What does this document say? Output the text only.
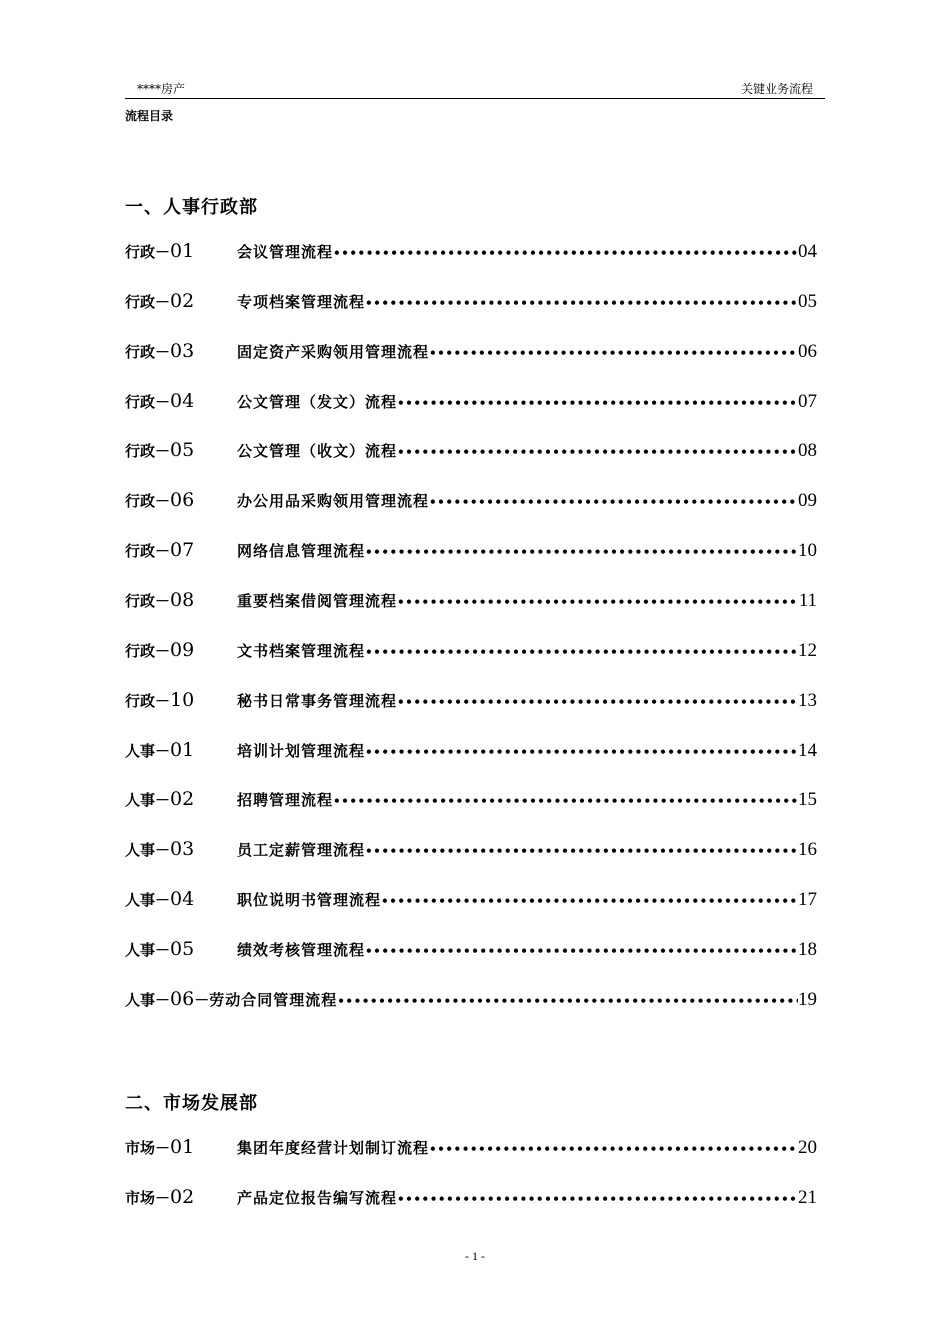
****房产	关键业务流程
流程目录
一、人事行政部
行政－01	会议管理流程 •••••	04
行政－02	专项档案管理流程 •••••	05
行政－03	固定资产采购领用管理流程 •••••	06
行政－04	公文管理（发文）流程 •••••	07
行政－05	公文管理（收文）流程 •••••	08
行政－06	办公用品采购领用管理流程 •••••	09
行政－07	网络信息管理流程 •••••	10
行政－08	重要档案借阅管理流程 •••••	11
行政－09	文书档案管理流程 •••••	12
行政－10	秘书日常事务管理流程 •••••	13
人事－01	培训计划管理流程 •••••	14
人事－02	招聘管理流程 •••••	15
人事－03	员工定薪管理流程 •••••	16
人事－04	职位说明书管理流程 •••••	17
人事－05	绩效考核管理流程 •••••	18
人事－06－ 劳动合同管理流程 •••••	19
二、市场发展部
市场－01	集团年度经营计划制订流程 •••••	20
市场－02	产品定位报告编写流程 •••••	21
- 1 -
